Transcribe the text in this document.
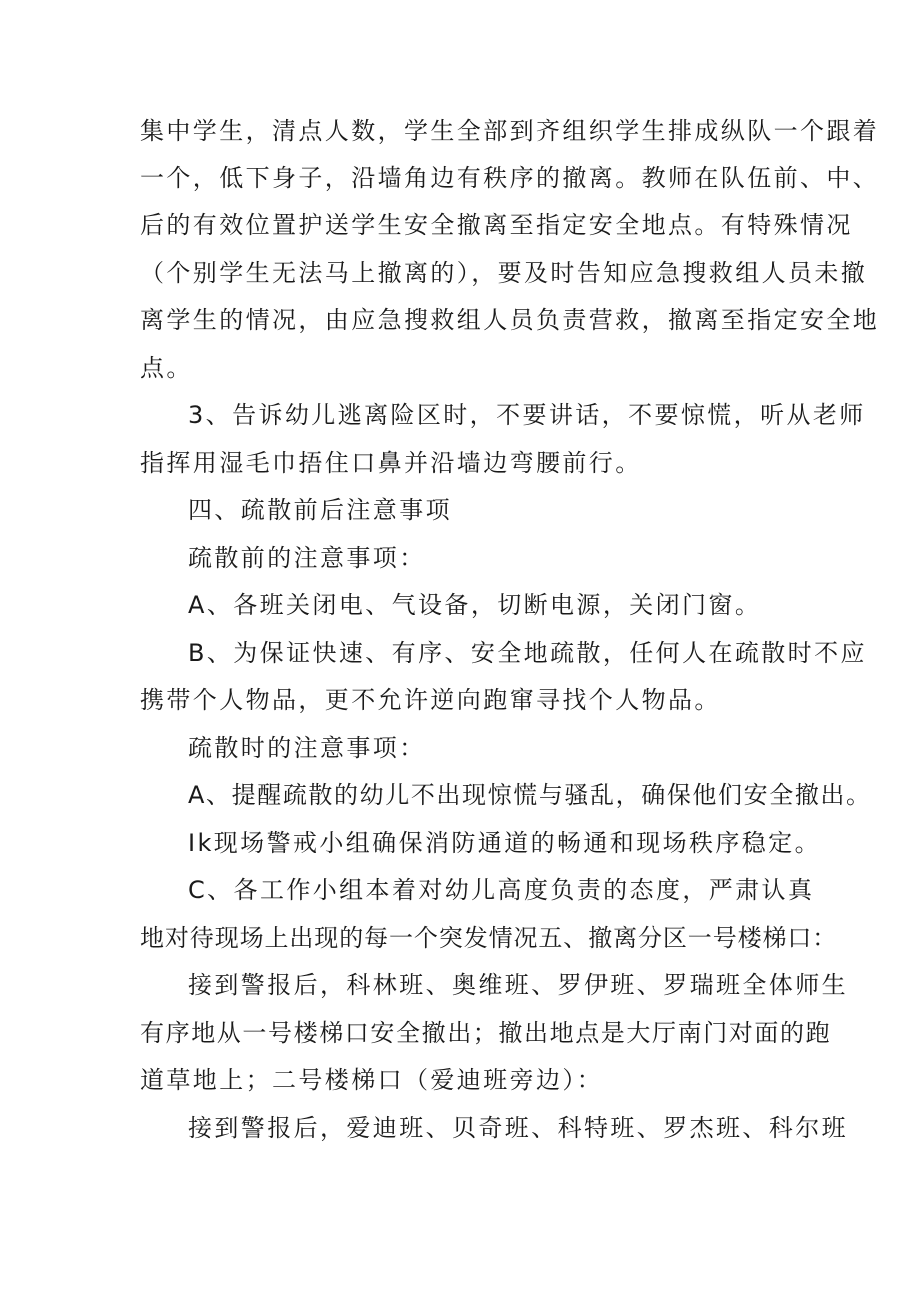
集中学生，清点人数，学生全部到齐组织学生排成纵队一个跟着
一个，低下身子，沿墙角边有秩序的撤离。教师在队伍前、中、
后的有效位置护送学生安全撤离至指定安全地点。有特殊情况
（个别学生无法马上撤离的），要及时告知应急搜救组人员未撤
离学生的情况，由应急搜救组人员负责营救，撤离至指定安全地
点。
3、告诉幼儿逃离险区时，不要讲话，不要惊慌，听从老师
指挥用湿毛巾捂住口鼻并沿墙边弯腰前行。
四、疏散前后注意事项
疏散前的注意事项：
A、各班关闭电、气设备，切断电源，关闭门窗。
B、为保证快速、有序、安全地疏散，任何人在疏散时不应
携带个人物品，更不允许逆向跑窜寻找个人物品。
疏散时的注意事项：
A、提醒疏散的幼儿不出现惊慌与骚乱，确保他们安全撤出。
Ik现场警戒小组确保消防通道的畅通和现场秩序稳定。
C、各工作小组本着对幼儿高度负责的态度，严肃认真
地对待现场上出现的每一个突发情况五、撤离分区一号楼梯口：
接到警报后，科林班、奥维班、罗伊班、罗瑞班全体师生
有序地从一号楼梯口安全撤出；撤出地点是大厅南门对面的跑
道草地上；二号楼梯口（爱迪班旁边）：
接到警报后，爱迪班、贝奇班、科特班、罗杰班、科尔班
